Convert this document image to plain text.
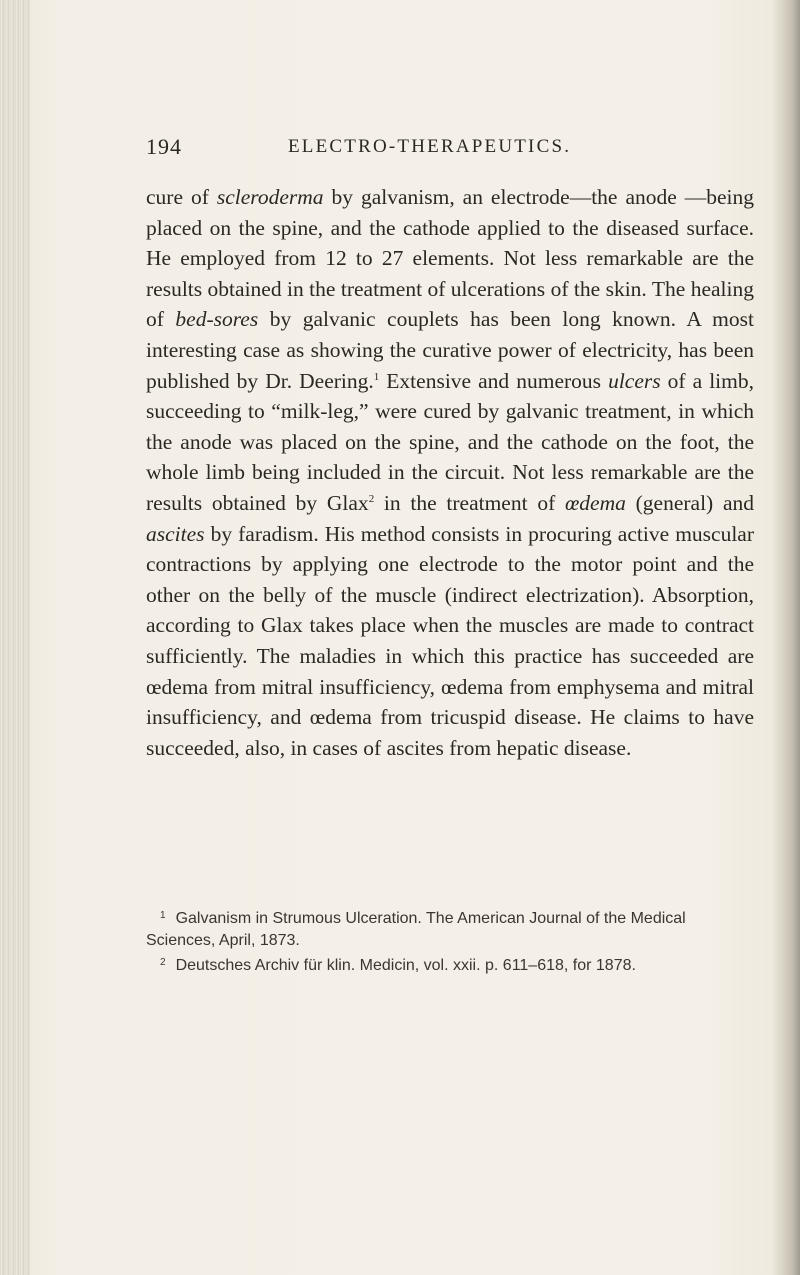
194	ELECTRO-THERAPEUTICS.

cure of scleroderma by galvanism, an electrode—the anode —being placed on the spine, and the cathode applied to the diseased surface. He employed from 12 to 27 elements. Not less remarkable are the results obtained in the treatment of ulcerations of the skin. The healing of bed-sores by galvanic couplets has been long known. A most interesting case as showing the curative power of electricity, has been published by Dr. Deering.$^1$ Extensive and numerous ulcers of a limb, succeeding to “milk-leg,” were cured by galvanic treatment, in which the anode was placed on the spine, and the cathode on the foot, the whole limb being included in the circuit. Not less remarkable are the results obtained by Glax$^2$ in the treatment of œdema (general) and ascites by faradism. His method consists in procuring active muscular contractions by applying one electrode to the motor point and the other on the belly of the muscle (indirect electrization). Absorption, according to Glax takes place when the muscles are made to contract sufficiently. The maladies in which this practice has succeeded are œdema from mitral insufficiency, œdema from emphysema and mitral insufficiency, and œdema from tricuspid disease. He claims to have succeeded, also, in cases of ascites from hepatic disease.

$^1$ Galvanism in Strumous Ulceration. The American Journal of the Medical Sciences, April, 1873.

$^2$ Deutsches Archiv für klin. Medicin, vol. xxii. p. 611–618, for 1878.
